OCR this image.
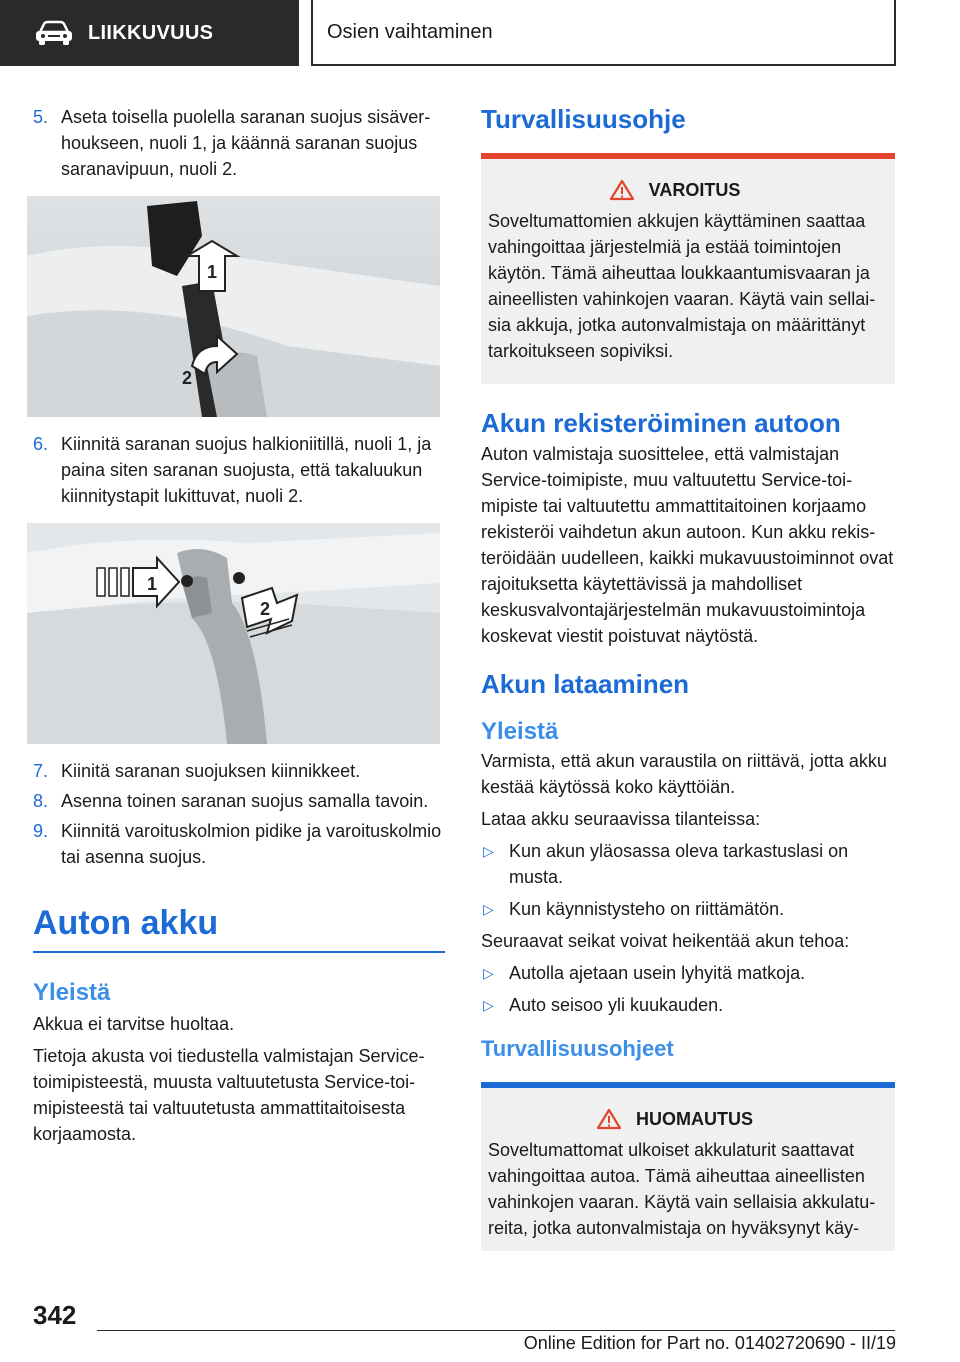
LIIKKUVUUS	Osien vaihtaminen
5. Aseta toisella puolella saranan suojus sisäverhoukseen, nuoli 1, ja käännä saranan suojus saranavipuun, nuoli 2.
1
2
6. Kiinnitä saranan suojus halkioniitillä, nuoli 1, ja paina siten saranan suojusta, että takaluukun kiinnitystapit lukittuvat, nuoli 2.
1
2
7. Kiinitä saranan suojuksen kiinnikkeet.
8. Asenna toinen saranan suojus samalla tavoin.
9. Kiinnitä varoituskolmion pidike ja varoituskolmio tai asenna suojus.
Auton akku
Yleistä
Akkua ei tarvitse huoltaa.
Tietoja akusta voi tiedustella valmistajan Service-toimipisteestä, muusta valtuutetusta Service-toimipisteestä tai valtuutetusta ammattitaitoisesta korjaamosta.
Turvallisuusohje
VAROITUS
Soveltumattomien akkujen käyttäminen saattaa vahingoittaa järjestelmiä ja estää toimintojen käytön. Tämä aiheuttaa loukkaantumisvaaran ja aineellisten vahinkojen vaaran. Käytä vain sellaisia akkuja, jotka autonvalmistaja on määrittänyt tarkoitukseen sopiviksi.
Akun rekisteröiminen autoon
Auton valmistaja suosittelee, että valmistajan Service-toimipiste, muu valtuutettu Service-toimipiste tai valtuutettu ammattitaitoinen korjaamo rekisteröi vaihdetun akun autoon. Kun akku rekisteröidään uudelleen, kaikki mukavuustoiminnot ovat rajoituksetta käytettävissä ja mahdolliset keskusvalvontajärjestelmän mukavuustoimintoja koskevat viestit poistuvat näytöstä.
Akun lataaminen
Yleistä
Varmista, että akun varaustila on riittävä, jotta akku kestää käytössä koko käyttöiän.
Lataa akku seuraavissa tilanteissa:
▷ Kun akun yläosassa oleva tarkastuslasi on musta.
▷ Kun käynnistysteho on riittämätön.
Seuraavat seikat voivat heikentää akun tehoa:
▷ Autolla ajetaan usein lyhyitä matkoja.
▷ Auto seisoo yli kuukauden.
Turvallisuusohjeet
HUOMAUTUS
Soveltumattomat ulkoiset akkulaturit saattavat vahingoittaa autoa. Tämä aiheuttaa aineellisten vahinkojen vaaran. Käytä vain sellaisia akkulatureita, jotka autonvalmistaja on hyväksynyt käy-
342
Online Edition for Part no. 01402720690 - II/19
